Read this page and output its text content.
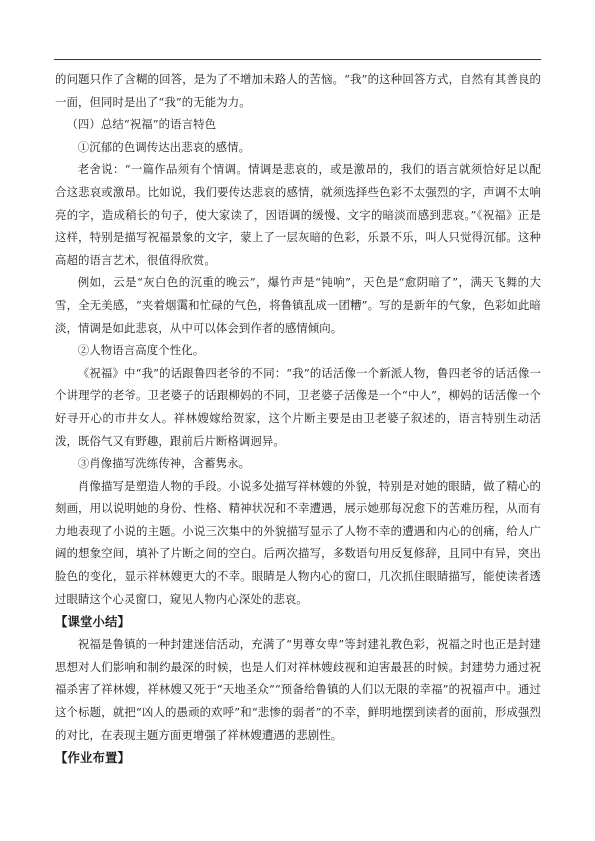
的问题只作了含糊的回答，是为了不增加未路人的苦恼。“我”的这种回答方式，自然有其善良的一面，但同时是出了“我”的无能为力。

（四）总结“祝福”的语言特色

①沉郁的色调传达出悲哀的感情。

老舍说：“一篇作品须有个情调。情调是悲哀的，或是激昂的，我们的语言就须恰好足以配合这悲哀或激昂。比如说，我们要传达悲哀的感情，就须选择些色彩不太强烈的字，声调不太响亮的字，造成稍长的句子，使大家读了，因语调的缓慢、文字的暗淡而感到悲哀。”《祝福》正是这样，特别是描写祝福景象的文字，蒙上了一层灰暗的色彩，乐景不乐，叫人只觉得沉郁。这种高超的语言艺术，很值得欣赏。

例如，云是“灰白色的沉重的晚云”，爆竹声是“钝响”，天色是“愈阴暗了”，满天飞舞的大雪，全无美感，“夹着烟霭和忙碌的气色，将鲁镇乱成一团糟”。写的是新年的气象，色彩如此暗淡，情调是如此悲哀，从中可以体会到作者的感情倾向。

②人物语言高度个性化。

《祝福》中“我”的话跟鲁四老爷的不同：“我”的话活像一个新派人物，鲁四老爷的话活像一个讲理学的老爷。卫老婆子的话跟柳妈的不同，卫老婆子活像是一个“中人”，柳妈的话活像一个好寻开心的市井女人。祥林嫂嫁给贺家，这个片断主要是由卫老婆子叙述的，语言特别生动活泼，既俗气又有野趣，跟前后片断格调迥异。

③肖像描写洗练传神，含蓄隽永。

肖像描写是塑造人物的手段。小说多处描写祥林嫂的外貌，特别是对她的眼睛，做了精心的刻画，用以说明她的身份、性格、精神状况和不幸遭遇，展示她那每况愈下的苦难历程，从而有力地表现了小说的主题。小说三次集中的外貌描写显示了人物不幸的遭遇和内心的创痛，给人广阔的想象空间，填补了片断之间的空白。后两次描写，多数语句用反复修辞，且同中有异，突出脸色的变化，显示祥林嫂更大的不幸。眼睛是人物内心的窗口，几次抓住眼睛描写，能使读者透过眼睛这个心灵窗口，窥见人物内心深处的悲哀。

【课堂小结】

祝福是鲁镇的一种封建迷信活动，充满了“男尊女卑”等封建礼教色彩，祝福之时也正是封建思想对人们影响和制约最深的时候，也是人们对祥林嫂歧视和迫害最甚的时候。封建势力通过祝福杀害了祥林嫂，祥林嫂又死于“天地圣众”“预备给鲁镇的人们以无限的幸福”的祝福声中。通过这个标题，就把“凶人的愚顽的欢呼”和“悲惨的弱者”的不幸，鲜明地摆到读者的面前，形成强烈的对比，在表现主题方面更增强了祥林嫂遭遇的悲剧性。

【作业布置】
